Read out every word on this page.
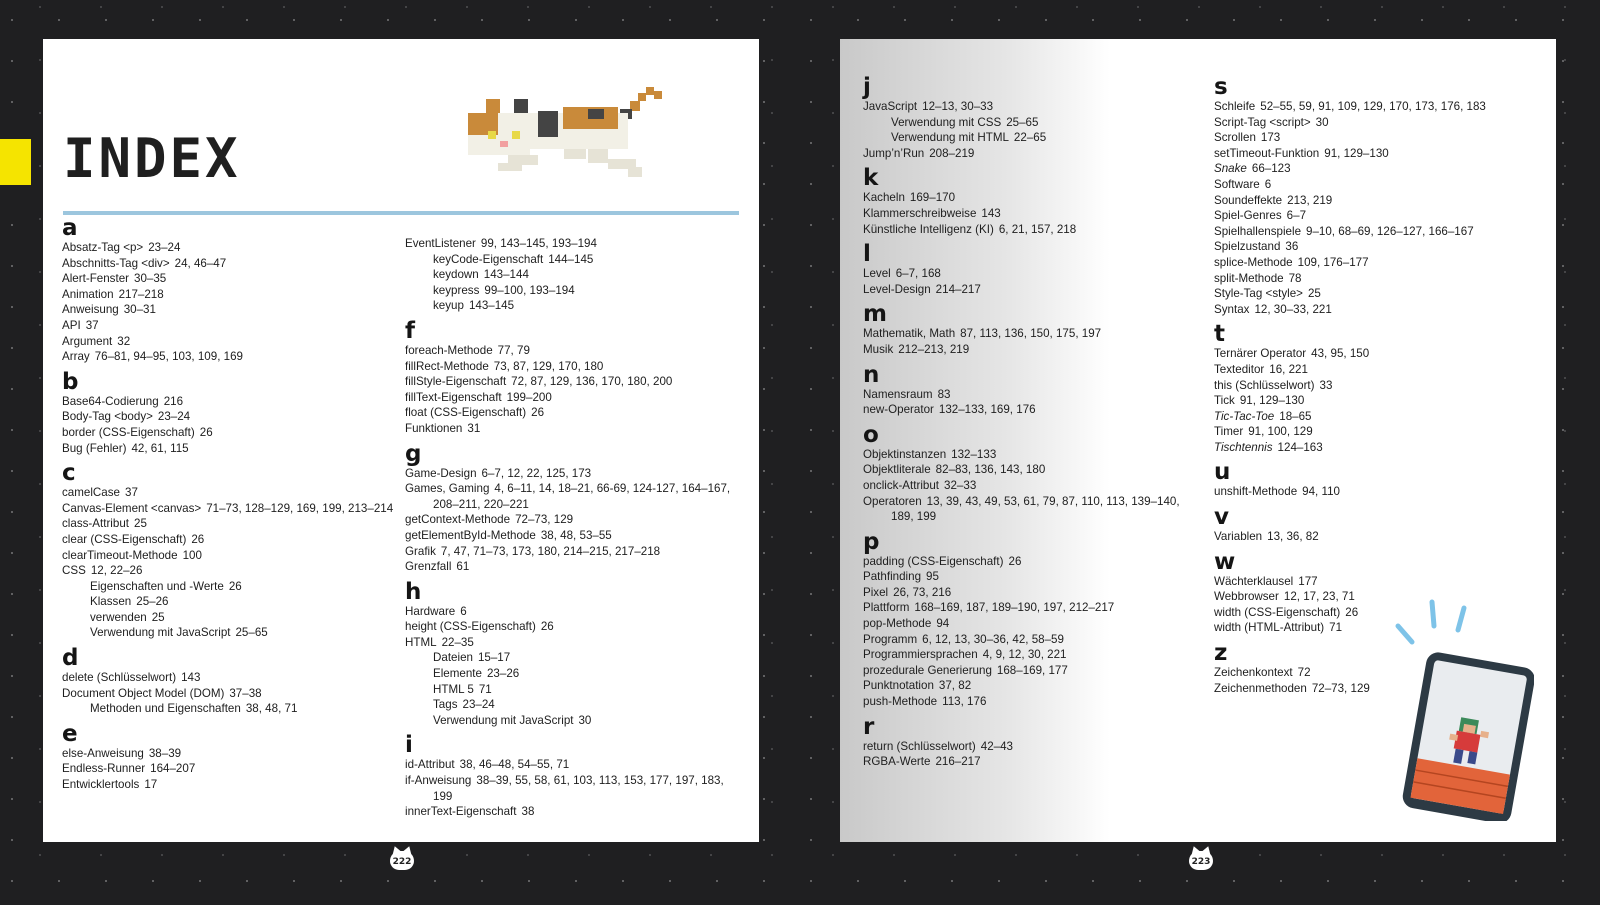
INDEX
a
Absatz-Tag <p> 23–24
Abschnitts-Tag <div> 24, 46–47
Alert-Fenster 30–35
Animation 217–218
Anweisung 30–31
API 37
Argument 32
Array 76–81, 94–95, 103, 109, 169
b
Base64-Codierung 216
Body-Tag <body> 23–24
border (CSS-Eigenschaft) 26
Bug (Fehler) 42, 61, 115
c
camelCase 37
Canvas-Element <canvas> 71–73, 128–129, 169, 199, 213–214
class-Attribut 25
clear (CSS-Eigenschaft) 26
clearTimeout-Methode 100
CSS 12, 22–26
Eigenschaften und -Werte 26
Klassen 25–26
verwenden 25
Verwendung mit JavaScript 25–65
d
delete (Schlüsselwort) 143
Document Object Model (DOM) 37–38
Methoden und Eigenschaften 38, 48, 71
e
else-Anweisung 38–39
Endless-Runner 164–207
Entwicklertools 17
EventListener 99, 143–145, 193–194
keyCode-Eigenschaft 144–145
keydown 143–144
keypress 99–100, 193–194
keyup 143–145
f
foreach-Methode 77, 79
fillRect-Methode 73, 87, 129, 170, 180
fillStyle-Eigenschaft 72, 87, 129, 136, 170, 180, 200
fillText-Eigenschaft 199–200
float (CSS-Eigenschaft) 26
Funktionen 31
g
Game-Design 6–7, 12, 22, 125, 173
Games, Gaming 4, 6–11, 14, 18–21, 66-69, 124-127, 164–167, 208–211, 220–221
getContext-Methode 72–73, 129
getElementById-Methode 38, 48, 53–55
Grafik 7, 47, 71–73, 173, 180, 214–215, 217–218
Grenzfall 61
h
Hardware 6
height (CSS-Eigenschaft) 26
HTML 22–35
Dateien 15–17
Elemente 23–26
HTML 5 71
Tags 23–24
Verwendung mit JavaScript 30
i
id-Attribut 38, 46–48, 54–55, 71
if-Anweisung 38–39, 55, 58, 61, 103, 113, 153, 177, 197, 183, 199
innerText-Eigenschaft 38
j
JavaScript 12–13, 30–33
Verwendung mit CSS 25–65
Verwendung mit HTML 22–65
Jump’n’Run 208–219
k
Kacheln 169–170
Klammerschreibweise 143
Künstliche Intelligenz (KI) 6, 21, 157, 218
l
Level 6–7, 168
Level-Design 214–217
m
Mathematik, Math 87, 113, 136, 150, 175, 197
Musik 212–213, 219
n
Namensraum 83
new-Operator 132–133, 169, 176
o
Objektinstanzen 132–133
Objektliterale 82–83, 136, 143, 180
onclick-Attribut 32–33
Operatoren 13, 39, 43, 49, 53, 61, 79, 87, 110, 113, 139–140, 189, 199
p
padding (CSS-Eigenschaft) 26
Pathfinding 95
Pixel 26, 73, 216
Plattform 168–169, 187, 189–190, 197, 212–217
pop-Methode 94
Programm 6, 12, 13, 30–36, 42, 58–59
Programmiersprachen 4, 9, 12, 30, 221
prozedurale Generierung 168–169, 177
Punktnotation 37, 82
push-Methode 113, 176
r
return (Schlüsselwort) 42–43
RGBA-Werte 216–217
s
Schleife 52–55, 59, 91, 109, 129, 170, 173, 176, 183
Script-Tag <script> 30
Scrollen 173
setTimeout-Funktion 91, 129–130
Snake 66–123
Software 6
Soundeffekte 213, 219
Spiel-Genres 6–7
Spielhallenspiele 9–10, 68–69, 126–127, 166–167
Spielzustand 36
splice-Methode 109, 176–177
split-Methode 78
Style-Tag <style> 25
Syntax 12, 30–33, 221
t
Ternärer Operator 43, 95, 150
Texteditor 16, 221
this (Schlüsselwort) 33
Tick 91, 129–130
Tic-Tac-Toe 18–65
Timer 91, 100, 129
Tischtennis 124–163
u
unshift-Methode 94, 110
v
Variablen 13, 36, 82
w
Wächterklausel 177
Webbrowser 12, 17, 23, 71
width (CSS-Eigenschaft) 26
width (HTML-Attribut) 71
z
Zeichenkontext 72
Zeichenmethoden 72–73, 129
222	223
